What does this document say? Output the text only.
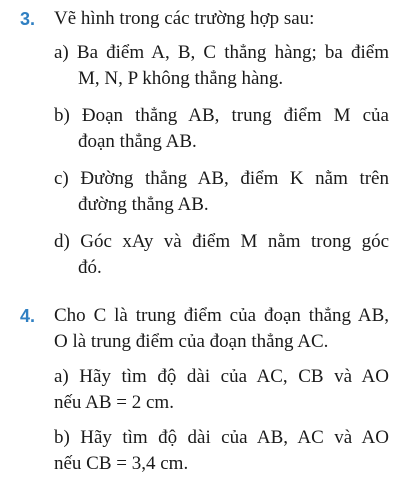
3. Vẽ hình trong các trường hợp sau:
a) Ba điểm A, B, C thẳng hàng; ba điểm
M, N, P không thẳng hàng.
b) Đoạn thẳng AB, trung điểm M của
đoạn thẳng AB.
c) Đường thẳng AB, điểm K nằm trên
đường thẳng AB.
d) Góc xAy và điểm M nằm trong góc
đó.
4. Cho C là trung điểm của đoạn thẳng AB,
O là trung điểm của đoạn thẳng AC.
a) Hãy tìm độ dài của AC, CB và AO
nếu AB = 2 cm.
b) Hãy tìm độ dài của AB, AC và AO
nếu CB = 3,4 cm.
